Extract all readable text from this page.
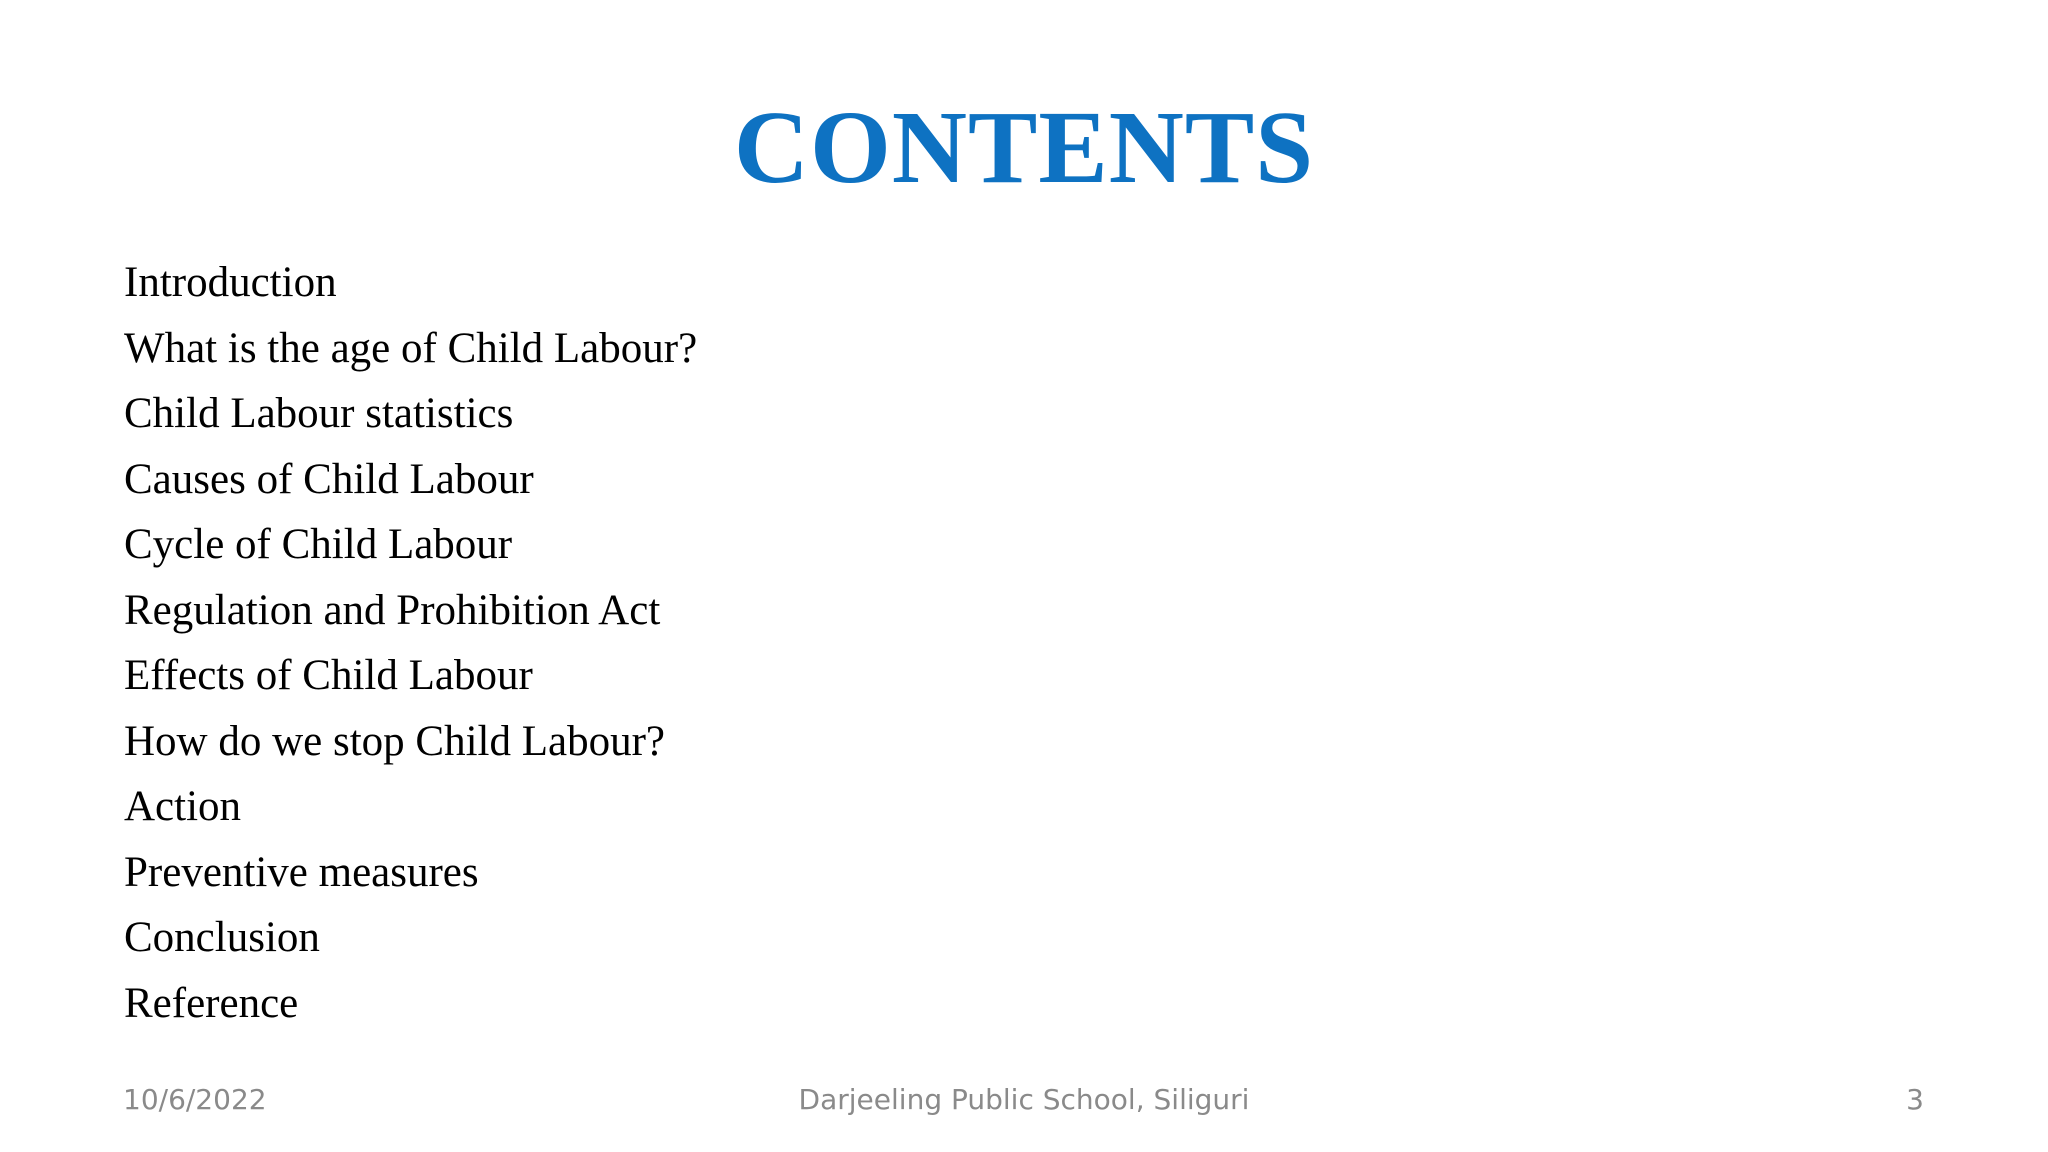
CONTENTS
Introduction
What is the age of Child Labour?
Child Labour statistics
Causes of Child Labour
Cycle of Child Labour
Regulation and Prohibition Act
Effects of Child Labour
How do we stop Child Labour?
Action
Preventive measures
Conclusion
Reference
10/6/2022	Darjeeling Public School, Siliguri	3
